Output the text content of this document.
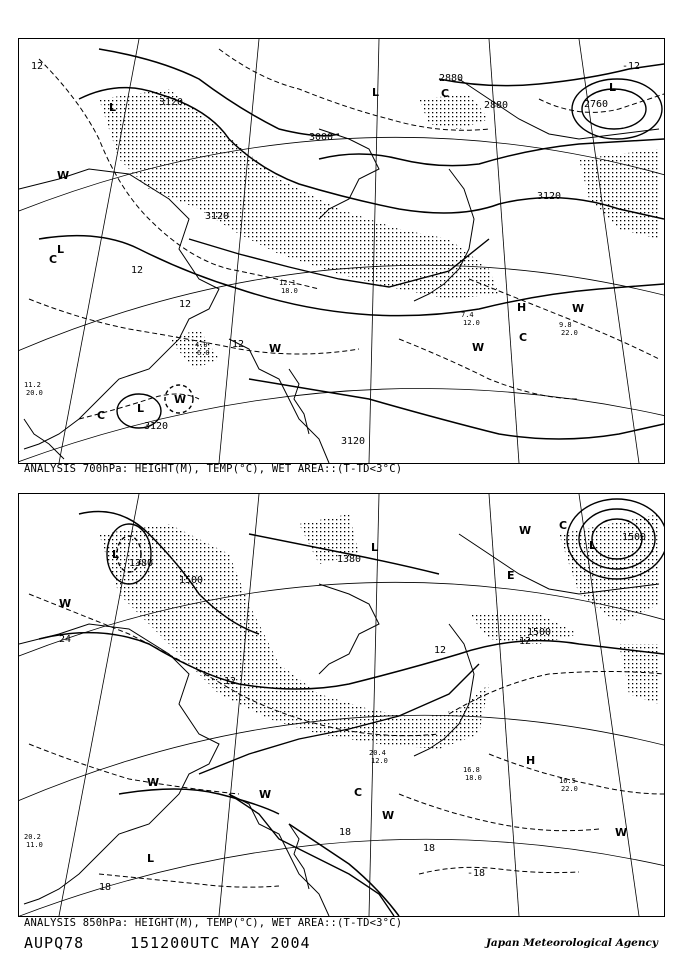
12
3120
3000
2880
2880	2760
3120
3120
3120
12
12
12
-12
3120
L
L
L
L
W
W	W
W
C
C
C
H
W
C	L
7.4
12.0	9.8
22.0
11.2
20.0
4.0
6.0
12.1
18.0
ANALYSIS 700hPa: HEIGHT(M), TEMP(°C), WET AREA::(T-TD<3°C)
1380
1500
1380
1500
1500
24
12
12
18
18
18
-18
12
L
W
W
W
W
W
L
L
H
C
E
L
C
W
16.8
18.0	16.5
22.0
20.4
12.0
20.2
11.0
ANALYSIS 850hPa: HEIGHT(M), TEMP(°C), WET AREA::(T-TD<3°C)
AUPQ78	151200UTC MAY 2004	Japan Meteorological Agency
